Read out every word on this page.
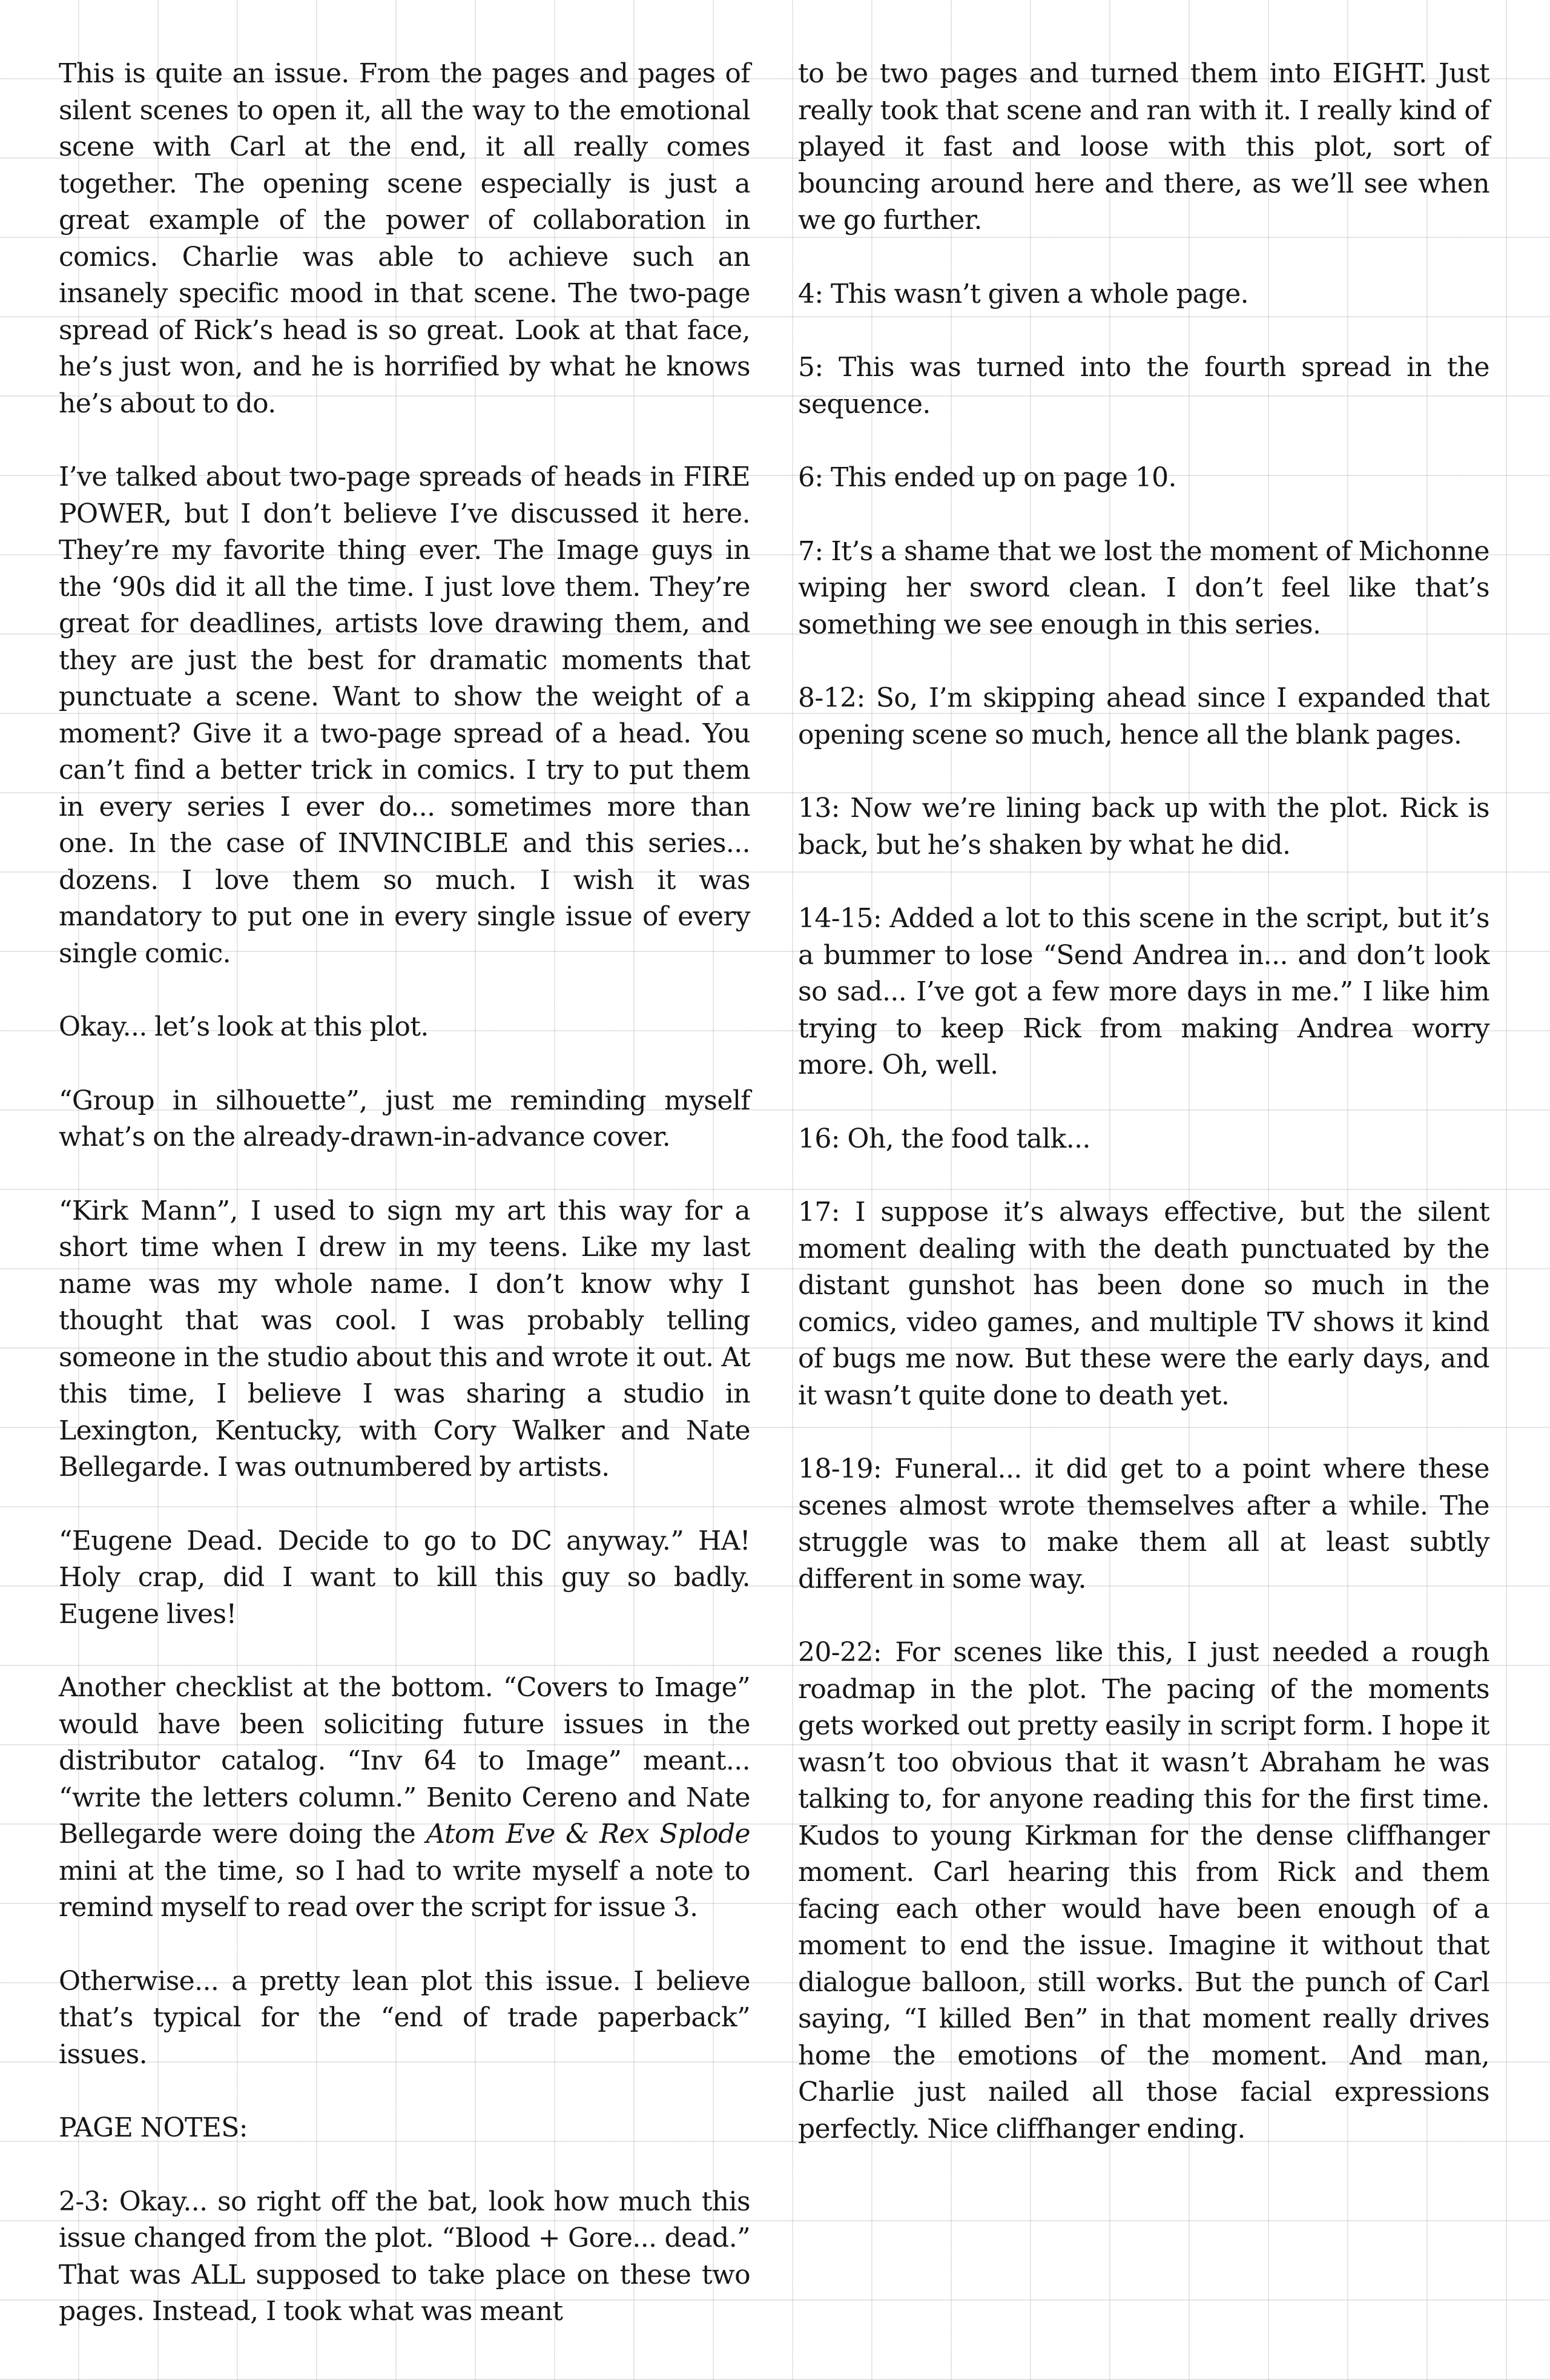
This is quite an issue. From the pages and pages of silent scenes to open it, all the way to the emotional scene with Carl at the end, it all really comes together. The opening scene especially is just a great example of the power of collaboration in comics. Charlie was able to achieve such an insanely specific mood in that scene. The two-page spread of Rick’s head is so great. Look at that face, he’s just won, and he is horrified by what he knows he’s about to do.

I’ve talked about two-page spreads of heads in FIRE POWER, but I don’t believe I’ve discussed it here. They’re my favorite thing ever. The Image guys in the ‘90s did it all the time. I just love them. They’re great for deadlines, artists love drawing them, and they are just the best for dramatic moments that punctuate a scene. Want to show the weight of a moment? Give it a two-page spread of a head. You can’t find a better trick in comics. I try to put them in every series I ever do... sometimes more than one. In the case of INVINCIBLE and this series... dozens. I love them so much. I wish it was mandatory to put one in every single issue of every single comic.

Okay... let’s look at this plot.

“Group in silhouette”, just me reminding myself what’s on the already-drawn-in-advance cover.

“Kirk Mann”, I used to sign my art this way for a short time when I drew in my teens. Like my last name was my whole name. I don’t know why I thought that was cool. I was probably telling someone in the studio about this and wrote it out. At this time, I believe I was sharing a studio in Lexington, Kentucky, with Cory Walker and Nate Bellegarde. I was outnumbered by artists.

“Eugene Dead. Decide to go to DC anyway.” HA! Holy crap, did I want to kill this guy so badly. Eugene lives!

Another checklist at the bottom. “Covers to Image” would have been soliciting future issues in the distributor catalog. “Inv 64 to Image” meant... “write the letters column.” Benito Cereno and Nate Bellegarde were doing the Atom Eve & Rex Splode mini at the time, so I had to write myself a note to remind myself to read over the script for issue 3.

Otherwise... a pretty lean plot this issue. I believe that’s typical for the “end of trade paperback” issues.

PAGE NOTES:

2-3: Okay... so right off the bat, look how much this issue changed from the plot. “Blood + Gore... dead.” That was ALL supposed to take place on these two pages. Instead, I took what was meant

to be two pages and turned them into EIGHT. Just really took that scene and ran with it. I really kind of played it fast and loose with this plot, sort of bouncing around here and there, as we’ll see when we go further.

4: This wasn’t given a whole page.

5: This was turned into the fourth spread in the sequence.

6: This ended up on page 10.

7: It’s a shame that we lost the moment of Michonne wiping her sword clean. I don’t feel like that’s something we see enough in this series.

8-12: So, I’m skipping ahead since I expanded that opening scene so much, hence all the blank pages.

13: Now we’re lining back up with the plot. Rick is back, but he’s shaken by what he did.

14-15: Added a lot to this scene in the script, but it’s a bummer to lose “Send Andrea in... and don’t look so sad... I’ve got a few more days in me.” I like him trying to keep Rick from making Andrea worry more. Oh, well.

16: Oh, the food talk...

17: I suppose it’s always effective, but the silent moment dealing with the death punctuated by the distant gunshot has been done so much in the comics, video games, and multiple TV shows it kind of bugs me now. But these were the early days, and it wasn’t quite done to death yet.

18-19: Funeral... it did get to a point where these scenes almost wrote themselves after a while. The struggle was to make them all at least subtly different in some way.

20-22: For scenes like this, I just needed a rough roadmap in the plot. The pacing of the moments gets worked out pretty easily in script form. I hope it wasn’t too obvious that it wasn’t Abraham he was talking to, for anyone reading this for the first time. Kudos to young Kirkman for the dense cliffhanger moment. Carl hearing this from Rick and them facing each other would have been enough of a moment to end the issue. Imagine it without that dialogue balloon, still works. But the punch of Carl saying, “I killed Ben” in that moment really drives home the emotions of the moment. And man, Charlie just nailed all those facial expressions perfectly. Nice cliffhanger ending.
